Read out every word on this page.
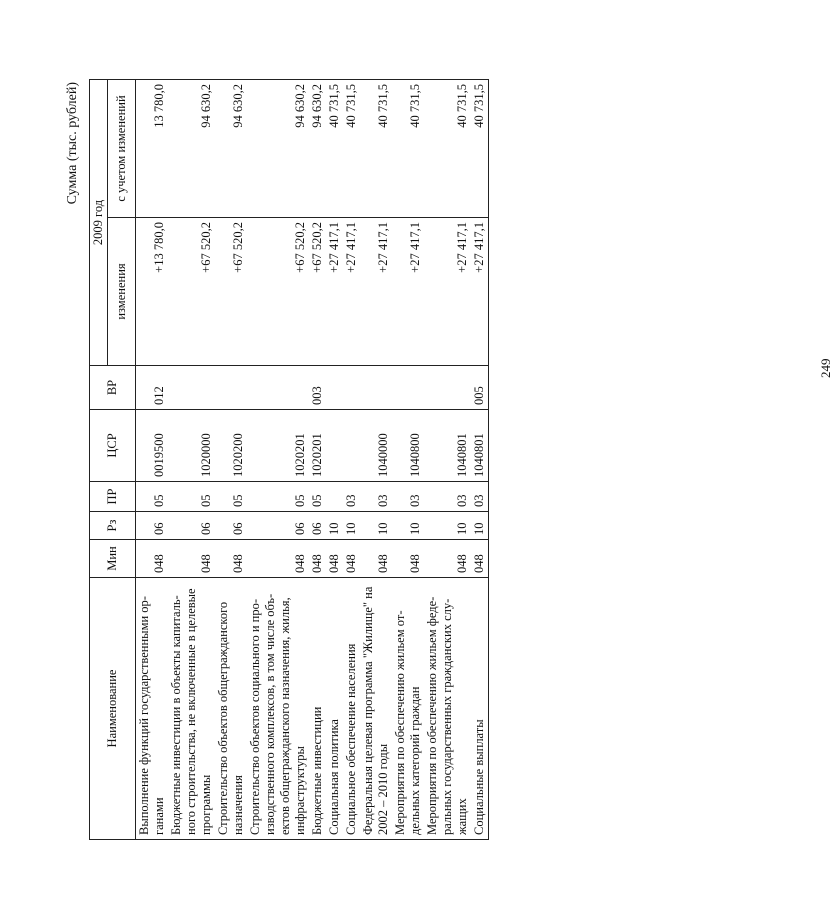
249
Сумма (тыс. рублей)
Наименование	Мин	Рз	ПР	ЦСР	ВР	2009 год	
						изменения	с учетом изменений
Выполнение функций государственными ор-ганами	048	06	05	0019500	012	+13 780,0	13 780,0
Бюджетные инвестиции в объекты капиталь-ного строительства, не включенные в целевые программы	048	06	05	1020000		+67 520,2	94 630,2
Строительство объектов общегражданского назначения	048	06	05	1020200		+67 520,2	94 630,2
Строительство объектов социального и про-изводственного комплексов, в том числе объ-ектов общегражданского назначения, жилья, инфраструктуры	048	06	05	1020201		+67 520,2	94 630,2
Бюджетные инвестиции	048	06	05	1020201	003	+67 520,2	94 630,2
Социальная политика	048	10				+27 417,1	40 731,5
Социальное обеспечение населения	048	10	03			+27 417,1	40 731,5
Федеральная целевая программа "Жилище" на 2002 – 2010 годы	048	10	03	1040000		+27 417,1	40 731,5
Мероприятия по обеспечению жильем от-дельных категорий граждан	048	10	03	1040800		+27 417,1	40 731,5
Мероприятия по обеспечению жильем феде-ральных государственных гражданских слу-жащих	048	10	03	1040801		+27 417,1	40 731,5
Социальные выплаты	048	10	03	1040801	005	+27 417,1	40 731,5
